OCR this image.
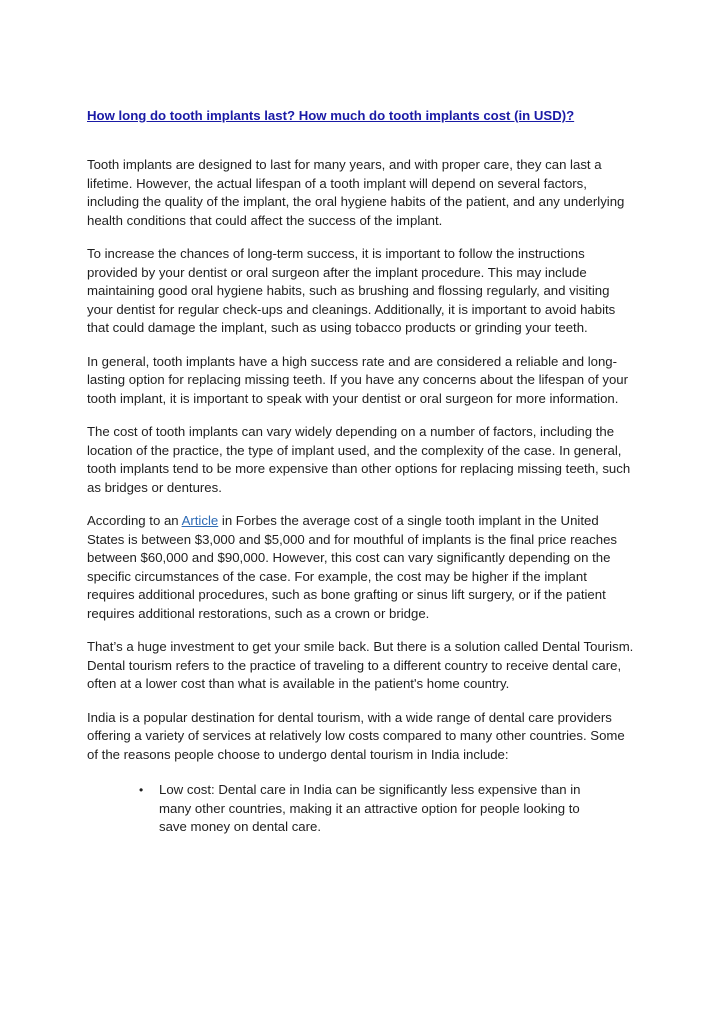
How long do tooth implants last? How much do tooth implants cost (in USD)?

Tooth implants are designed to last for many years, and with proper care, they can last a lifetime. However, the actual lifespan of a tooth implant will depend on several factors, including the quality of the implant, the oral hygiene habits of the patient, and any underlying health conditions that could affect the success of the implant.

To increase the chances of long-term success, it is important to follow the instructions provided by your dentist or oral surgeon after the implant procedure. This may include maintaining good oral hygiene habits, such as brushing and flossing regularly, and visiting your dentist for regular check-ups and cleanings. Additionally, it is important to avoid habits that could damage the implant, such as using tobacco products or grinding your teeth.

In general, tooth implants have a high success rate and are considered a reliable and long-lasting option for replacing missing teeth. If you have any concerns about the lifespan of your tooth implant, it is important to speak with your dentist or oral surgeon for more information.

The cost of tooth implants can vary widely depending on a number of factors, including the location of the practice, the type of implant used, and the complexity of the case. In general, tooth implants tend to be more expensive than other options for replacing missing teeth, such as bridges or dentures.

According to an Article in Forbes the average cost of a single tooth implant in the United States is between $3,000 and $5,000 and for mouthful of implants is the final price reaches between $60,000 and $90,000. However, this cost can vary significantly depending on the specific circumstances of the case. For example, the cost may be higher if the implant requires additional procedures, such as bone grafting or sinus lift surgery, or if the patient requires additional restorations, such as a crown or bridge.

That’s a huge investment to get your smile back. But there is a solution called Dental Tourism. Dental tourism refers to the practice of traveling to a different country to receive dental care, often at a lower cost than what is available in the patient's home country.

India is a popular destination for dental tourism, with a wide range of dental care providers offering a variety of services at relatively low costs compared to many other countries. Some of the reasons people choose to undergo dental tourism in India include:

• Low cost: Dental care in India can be significantly less expensive than in many other countries, making it an attractive option for people looking to save money on dental care.
